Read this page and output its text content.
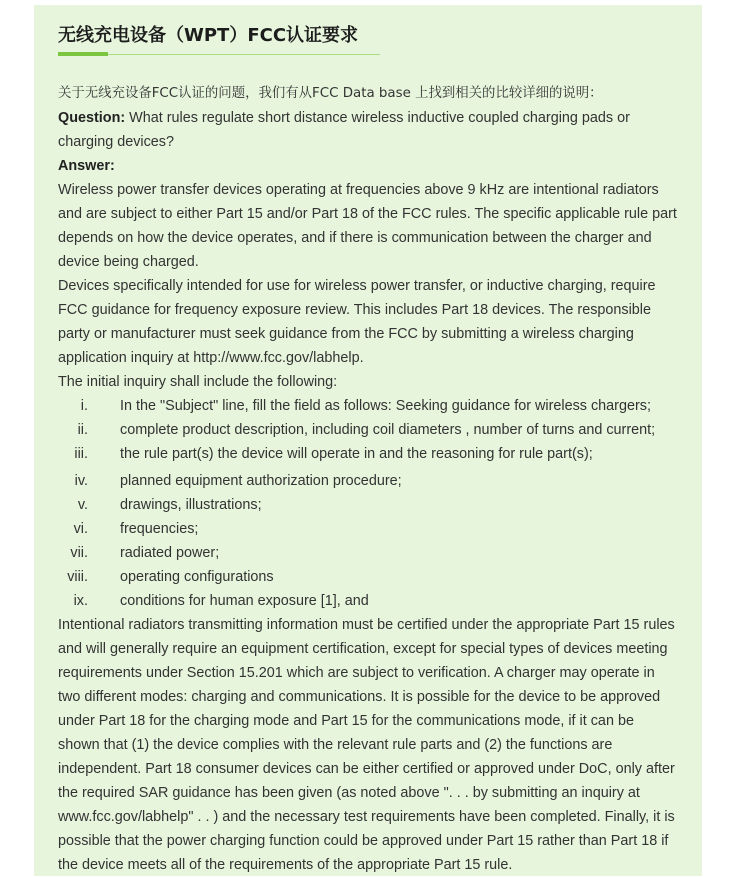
无线充电设备（WPT）FCC认证要求

关于无线充设备FCC认证的问题，我们有从FCC Data base 上找到相关的比较详细的说明：

Question: What rules regulate short distance wireless inductive coupled charging pads or charging devices?

Answer:

Wireless power transfer devices operating at frequencies above 9 kHz are intentional radiators and are subject to either Part 15 and/or Part 18 of the FCC rules. The specific applicable rule part depends on how the device operates, and if there is communication between the charger and device being charged.

Devices specifically intended for use for wireless power transfer, or inductive charging, require FCC guidance for frequency exposure review. This includes Part 18 devices. The responsible party or manufacturer must seek guidance from the FCC by submitting a wireless charging application inquiry at http://www.fcc.gov/labhelp.

The initial inquiry shall include the following:

i. In the "Subject" line, fill the field as follows: Seeking guidance for wireless chargers;
ii. complete product description, including coil diameters , number of turns and current;
iii. the rule part(s) the device will operate in and the reasoning for rule part(s);
iv. planned equipment authorization procedure;
v. drawings, illustrations;
vi. frequencies;
vii. radiated power;
viii. operating configurations
ix. conditions for human exposure [1], and

Intentional radiators transmitting information must be certified under the appropriate Part 15 rules and will generally require an equipment certification, except for special types of devices meeting requirements under Section 15.201 which are subject to verification. A charger may operate in two different modes: charging and communications. It is possible for the device to be approved under Part 18 for the charging mode and Part 15 for the communications mode, if it can be shown that (1) the device complies with the relevant rule parts and (2) the functions are independent. Part 18 consumer devices can be either certified or approved under DoC, only after the required SAR guidance has been given (as noted above ". . . by submitting an inquiry at www.fcc.gov/labhelp" . . ) and the necessary test requirements have been completed. Finally, it is possible that the power charging function could be approved under Part 15 rather than Part 18 if the device meets all of the requirements of the appropriate Part 15 rule.
